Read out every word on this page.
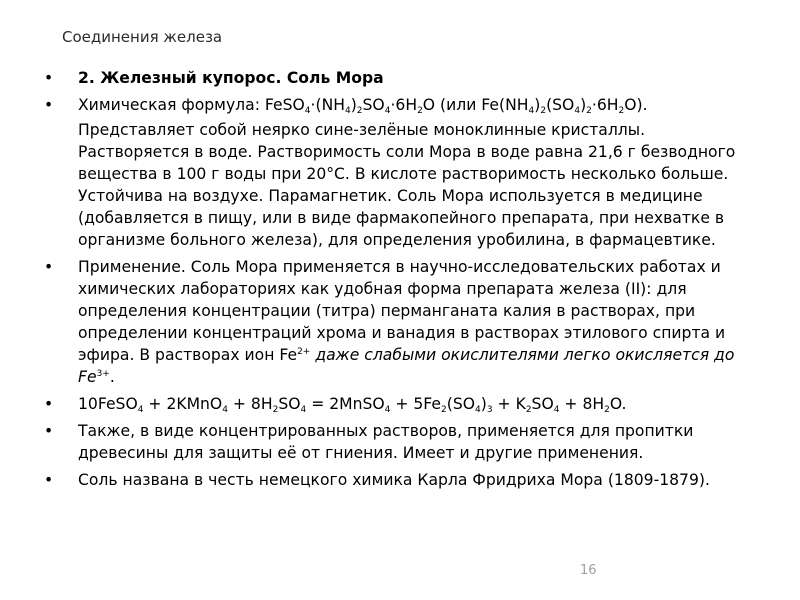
Соединения железа
• 2. Железный купорос. Соль Мора
• Химическая формула: $FeSO_4\cdot(NH_4)_2SO_4\cdot 6H_2O$ (или $Fe(NH_4)_2(SO_4)_2\cdot 6H_2O$).
Представляет собой неярко сине-зелёные моноклинные кристаллы. Растворяется в воде. Растворимость соли Мора в воде равна 21,6 г безводного вещества в 100 г воды при 20°С. В кислоте растворимость несколько больше. Устойчива на воздухе. Парамагнетик. Соль Мора используется в медицине (добавляется в пищу, или в виде фармакопейного препарата, при нехватке в организме больного железа), для определения уробилина, в фармацевтике.
• Применение. Соль Мора применяется в научно-исследовательских работах и химических лабораториях как удобная форма препарата железа (II): для определения концентрации (титра) перманганата калия в растворах, при определении концентраций хрома и ванадия в растворах этилового спирта и эфира. В растворах ион $Fe^{2+}$ даже слабыми окислителями легко окисляется до $Fe^{3+}$.
• 10FeSO$_4$ + 2KMnO$_4$ + $8H_2SO_4$ = 2MnSO$_4$ + $5Fe_2(SO_4)_3 + K_2SO_4 + 8H_2O$.
• Также, в виде концентрированных растворов, применяется для пропитки древесины для защиты её от гниения. Имеет и другие применения.
• Соль названа в честь немецкого химика Карла Фридриха Мора (1809-1879).
16
